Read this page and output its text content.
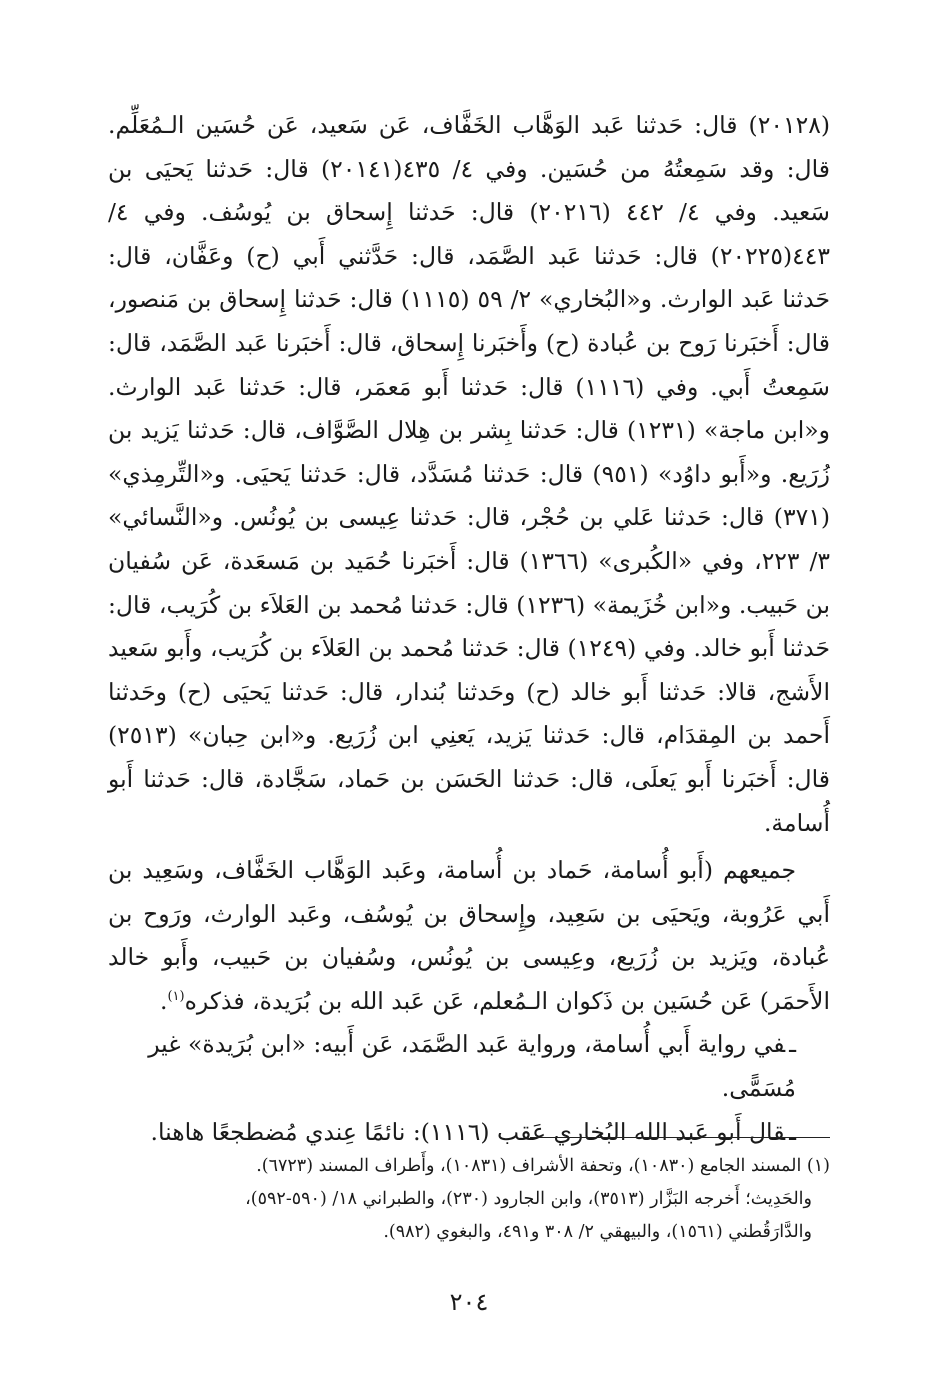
(٢٠١٢٨) قال: حَدثنا عَبد الوَهَّاب الخَفَّاف، عَن سَعيد، عَن حُسَين الـمُعَلِّم. قال: وقد سَمِعتُهُ من حُسَين. وفي ٤/ ٤٣٥(٢٠١٤١) قال: حَدثنا يَحيَى بن سَعيد. وفي ٤/ ٤٤٢ (٢٠٢١٦) قال: حَدثنا إِسحاق بن يُوسُف. وفي ٤/ ٤٤٣(٢٠٢٢٥) قال: حَدثنا عَبد الصَّمَد، قال: حَدَّثني أَبي (ح) وعَفَّان، قال: حَدثنا عَبد الوارث. و«البُخاري» ٢/ ٥٩ (١١١٥) قال: حَدثنا إِسحاق بن مَنصور، قال: أَخبَرنا رَوح بن عُبادة (ح) وأَخبَرنا إِسحاق، قال: أَخبَرنا عَبد الصَّمَد، قال: سَمِعتُ أَبي. وفي (١١١٦) قال: حَدثنا أَبو مَعمَر، قال: حَدثنا عَبد الوارث. و«ابن ماجة» (١٢٣١) قال: حَدثنا بِشر بن هِلال الصَّوَّاف، قال: حَدثنا يَزيد بن زُرَيع. و«أَبو داوُد» (٩٥١) قال: حَدثنا مُسَدَّد، قال: حَدثنا يَحيَى. و«التِّرمِذي» (٣٧١) قال: حَدثنا عَلي بن حُجْر، قال: حَدثنا عِيسى بن يُونُس. و«النَّسائي» ٣/ ٢٢٣، وفي «الكُبرى» (١٣٦٦) قال: أَخبَرنا حُمَيد بن مَسعَدة، عَن سُفيان بن حَبيب. و«ابن خُزَيمة» (١٢٣٦) قال: حَدثنا مُحمد بن العَلاَء بن كُرَيب، قال: حَدثنا أَبو خالد. وفي (١٢٤٩) قال: حَدثنا مُحمد بن العَلاَء بن كُرَيب، وأَبو سَعيد الأَشج، قالا: حَدثنا أَبو خالد (ح) وحَدثنا بُندار، قال: حَدثنا يَحيَى (ح) وحَدثنا أَحمد بن المِقدَام، قال: حَدثنا يَزيد، يَعنِي ابن زُرَيع. و«ابن حِبان» (٢٥١٣) قال: أَخبَرنا أَبو يَعلَى، قال: حَدثنا الحَسَن بن حَماد، سَجَّادة، قال: حَدثنا أَبو أُسامة.

جميعهم (أَبو أُسامة، حَماد بن أُسامة، وعَبد الوَهَّاب الخَفَّاف، وسَعِيد بن أَبي عَرُوبة، ويَحيَى بن سَعِيد، وإِسحاق بن يُوسُف، وعَبد الوارث، ورَوح بن عُبادة، ويَزيد بن زُرَيع، وعِيسى بن يُونُس، وسُفيان بن حَبيب، وأَبو خالد الأَحمَر) عَن حُسَين بن ذَكوان الـمُعلم، عَن عَبد الله بن بُرَيدة، فذكره$^{(١)}$.

ـفي رواية أَبي أُسامة، ورواية عَبد الصَّمَد، عَن أَبيه: «ابن بُرَيدة» غير مُسَمًّى.
ـقال أَبو عَبد الله البُخاري عَقب (١١١٦): نائمًا عِندي مُضطجعًا هاهنا.

(١) المسند الجامع (١٠٨٣٠)، وتحفة الأشراف (١٠٨٣١)، وأَطراف المسند (٦٧٢٣).

والحَدِيث؛ أَخرجه البَزَّار (٣٥١٣)، وابن الجارود (٢٣٠)، والطبراني ١٨/ (٥٩٠-٥٩٢)،

والدَّارَقُطني (١٥٦١)، والبيهقي ٢/ ٣٠٨ و٤٩١، والبغوي (٩٨٢).

٢٠٤
